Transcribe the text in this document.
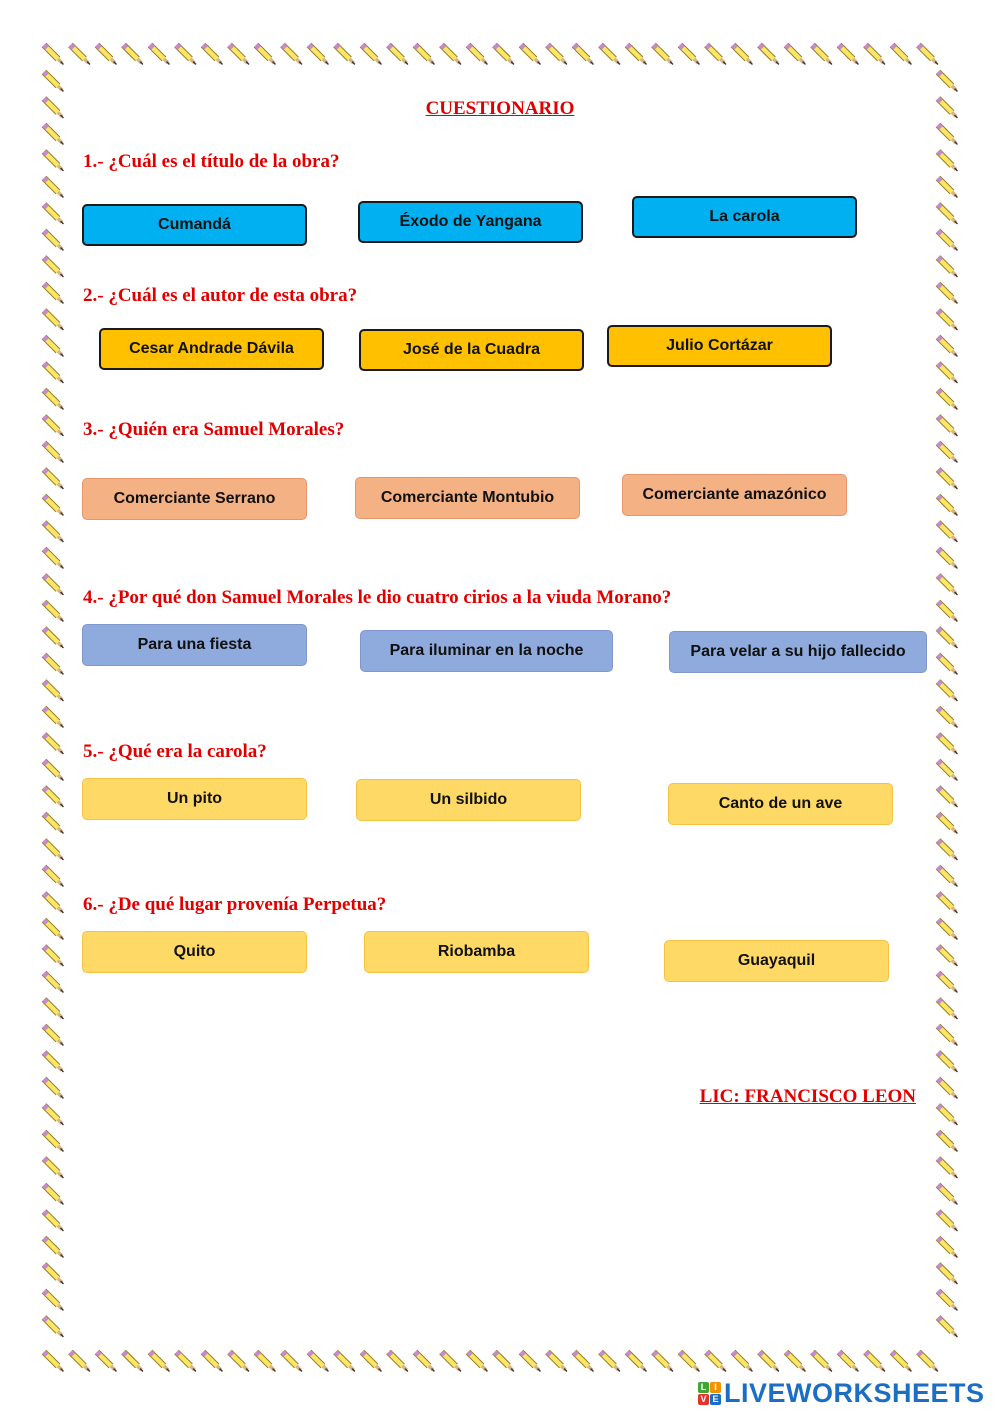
CUESTIONARIO
1.- ¿Cuál es el título de la obra?
Cumandá	Éxodo de Yangana	La carola
2.- ¿Cuál es el autor de esta obra?
Cesar Andrade Dávila	José de la Cuadra	Julio Cortázar
3.- ¿Quién era Samuel Morales?
Comerciante Serrano	Comerciante Montubio	Comerciante amazónico
4.- ¿Por qué don Samuel Morales le dio cuatro cirios a la viuda Morano?
Para una fiesta	Para iluminar en la noche	Para velar a su hijo fallecido
5.- ¿Qué era la carola?
Un pito	Un silbido	Canto de un ave
6.- ¿De qué lugar provenía Perpetua?
Quito	Riobamba
Guayaquil
LIC: FRANCISCO LEON
L I
V E LIVEWORKSHEETS
